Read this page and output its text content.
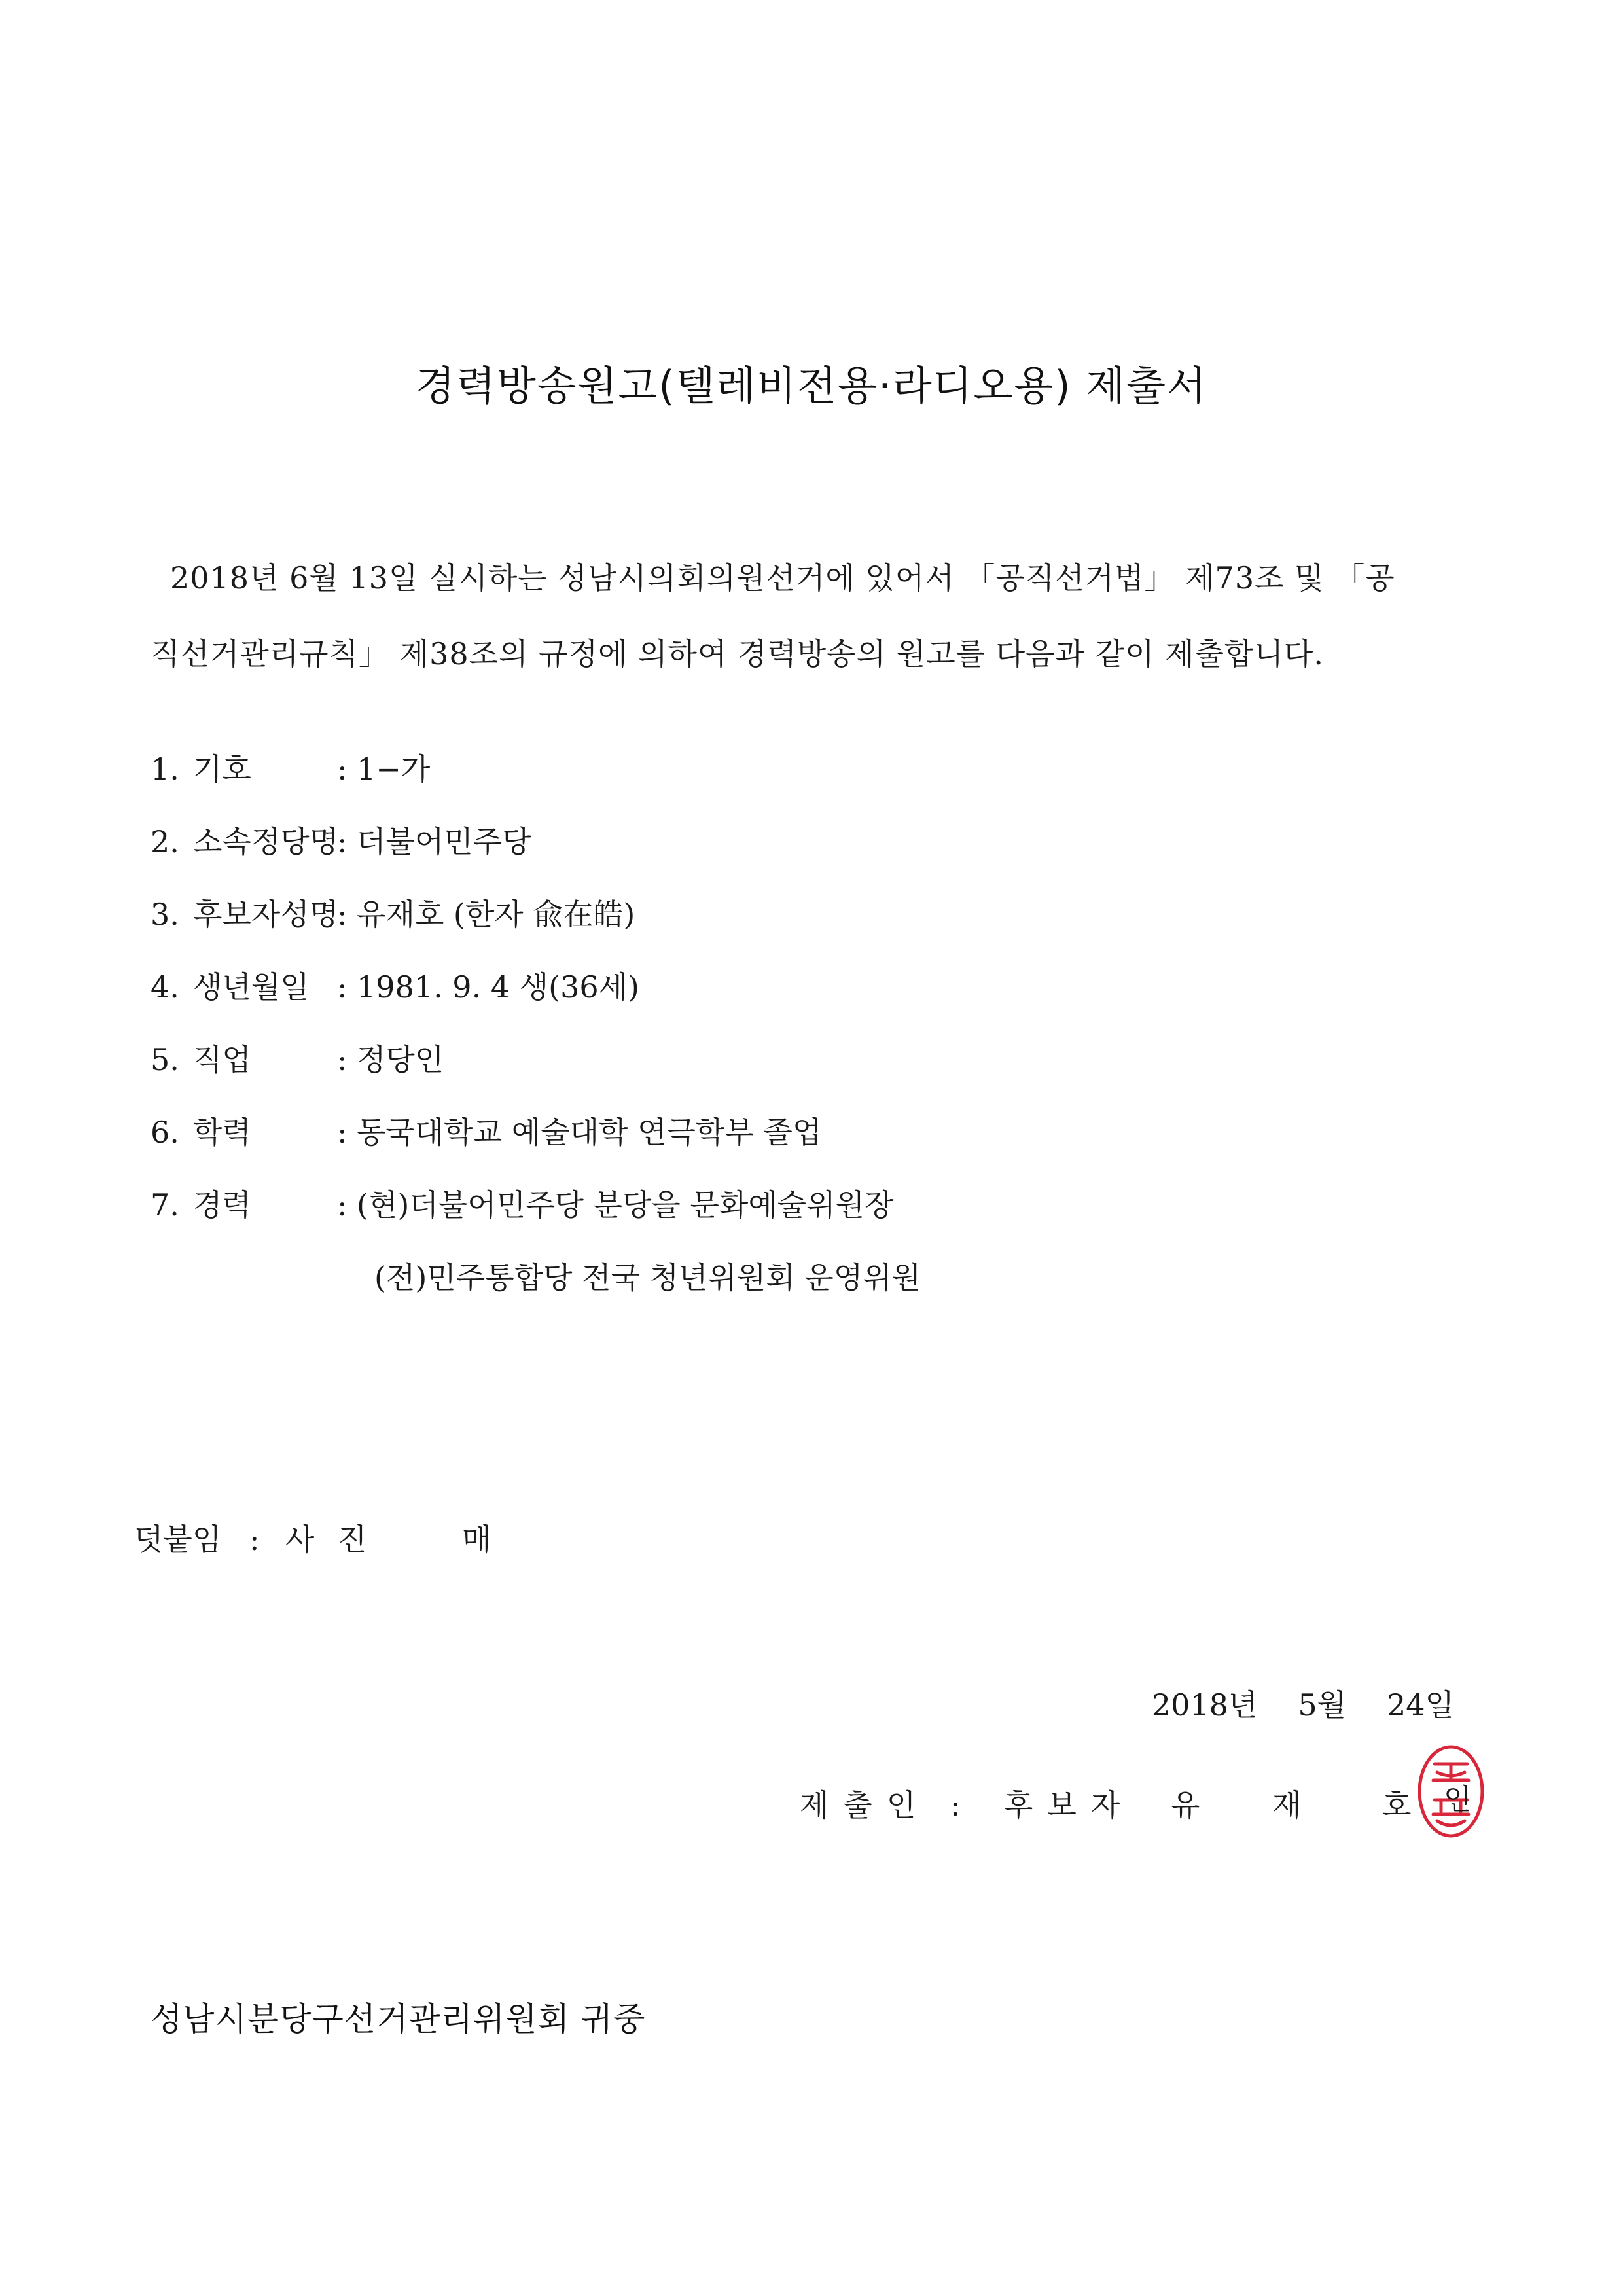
경력방송원고(텔레비전용·라디오용) 제출서

2018년 6월 13일 실시하는 성남시의회의원선거에 있어서 「공직선거법」 제73조 및 「공

직선거관리규칙」 제38조의 규정에 의하여 경력방송의 원고를 다음과 같이 제출합니다.

1. 기호	: 1−가
2. 소속정당명: 더불어민주당
3. 후보자성명: 유재호 (한자 兪在皓)
4. 생년월일 : 1981. 9. 4 생(36세)
5. 직업	: 정당인
6. 학력	: 동국대학교 예술대학 연극학부 졸업
7. 경력	: (현)더불어민주당 분당을 문화예술위원장
(전)민주통합당 전국 청년위원회 운영위원
덧붙임 : 사 진	매
2018년 5월 24일
제출인 : 후보자 유 재	호	인
성남시분당구선거관리위원회 귀중
